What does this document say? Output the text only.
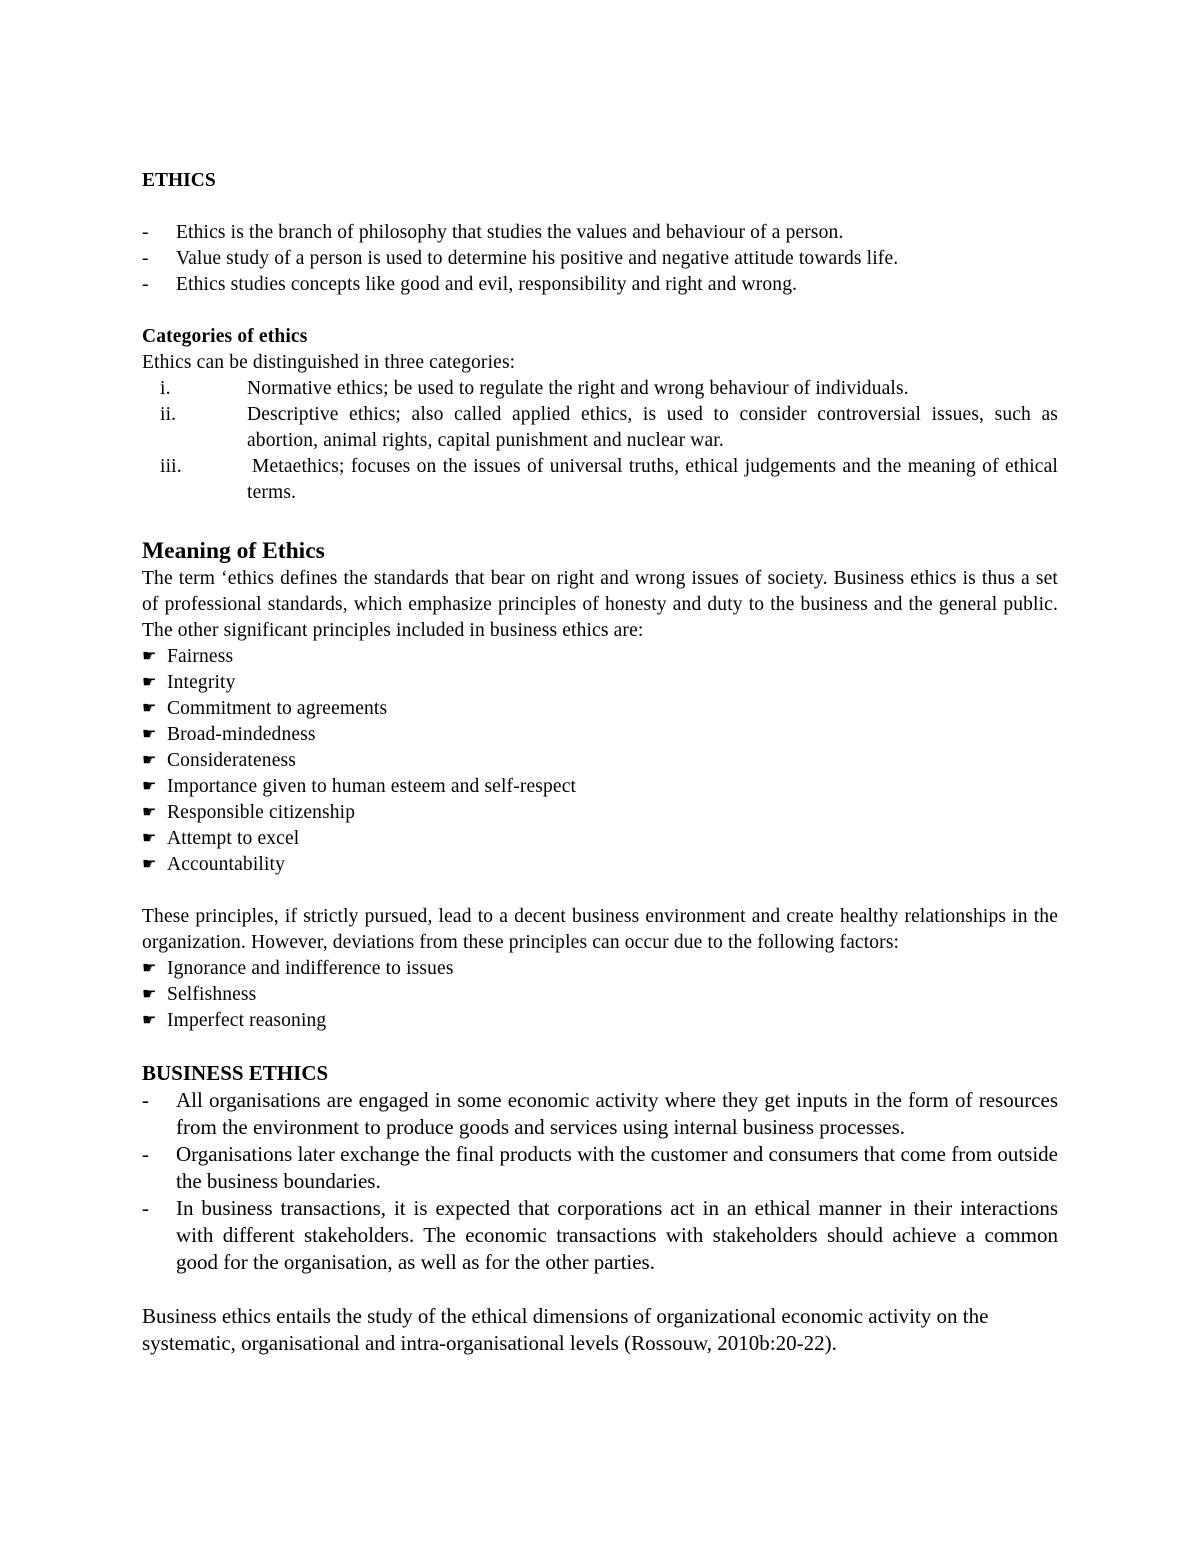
ETHICS

- Ethics is the branch of philosophy that studies the values and behaviour of a person.
- Value study of a person is used to determine his positive and negative attitude towards life.
- Ethics studies concepts like good and evil, responsibility and right and wrong.

Categories of ethics

Ethics can be distinguished in three categories:

i.	Normative ethics; be used to regulate the right and wrong behaviour of individuals.
ii.	Descriptive ethics; also called applied ethics, is used to consider controversial issues, such as abortion, animal rights, capital punishment and nuclear war.
iii.	Metaethics; focuses on the issues of universal truths, ethical judgements and the meaning of ethical terms.

Meaning of Ethics

The term ‘ethics defines the standards that bear on right and wrong issues of society. Business ethics is thus a set of professional standards, which emphasize principles of honesty and duty to the business and the general public. The other significant principles included in business ethics are:

☛ Fairness
☛ Integrity
☛ Commitment to agreements
☛ Broad-mindedness
☛ Considerateness
☛ Importance given to human esteem and self-respect
☛ Responsible citizenship
☛ Attempt to excel
☛ Accountability

These principles, if strictly pursued, lead to a decent business environment and create healthy relationships in the organization. However, deviations from these principles can occur due to the following factors:

☛ Ignorance and indifference to issues
☛ Selfishness
☛ Imperfect reasoning

BUSINESS ETHICS

- All organisations are engaged in some economic activity where they get inputs in the form of resources from the environment to produce goods and services using internal business processes.
- Organisations later exchange the final products with the customer and consumers that come from outside the business boundaries.
- In business transactions, it is expected that corporations act in an ethical manner in their interactions with different stakeholders. The economic transactions with stakeholders should achieve a common good for the organisation, as well as for the other parties.

Business ethics entails the study of the ethical dimensions of organizational economic activity on the systematic, organisational and intra-organisational levels (Rossouw, 2010b:20-22).
